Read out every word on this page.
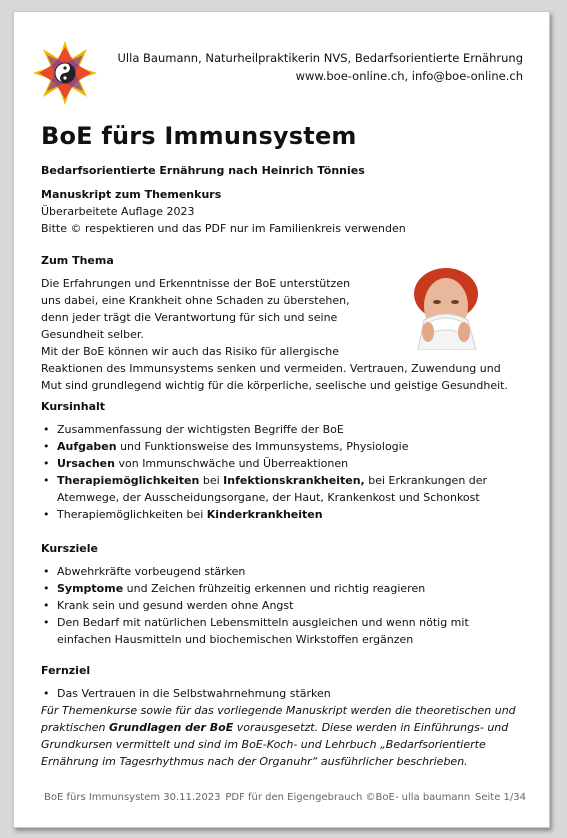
Ulla Baumann, Naturheilpraktikerin NVS, Bedarfsorientierte Ernährung
www.boe-online.ch, info@boe-online.ch
BoE fürs Immunsystem

Bedarfsorientierte Ernährung nach Heinrich Tönnies

Manuskript zum Themenkurs

Überarbeitete Auflage 2023

Bitte © respektieren und das PDF nur im Familienkreis verwenden

Zum Thema

Die Erfahrungen und Erkenntnisse der BoE unterstützen

uns dabei, eine Krankheit ohne Schaden zu überstehen,

denn jeder trägt die Verantwortung für sich und seine

Gesundheit selber.

Mit der BoE können wir auch das Risiko für allergische

Reaktionen des Immunsystems senken und vermeiden. Vertrauen, Zuwendung und Mut sind grundlegend wichtig für die körperliche, seelische und geistige Gesundheit.

Kursinhalt

• Zusammenfassung der wichtigsten Begriffe der BoE
• Aufgaben und Funktionsweise des Immunsystems, Physiologie
• Ursachen von Immunschwäche und Überreaktionen
• Therapiemöglichkeiten bei Infektionskrankheiten, bei Erkrankungen der Atemwege, der Ausscheidungsorgane, der Haut, Krankenkost und Schonkost
• Therapiemöglichkeiten bei Kinderkrankheiten

Kursziele

• Abwehrkräfte vorbeugend stärken
• Symptome und Zeichen frühzeitig erkennen und richtig reagieren
• Krank sein und gesund werden ohne Angst
• Den Bedarf mit natürlichen Lebensmitteln ausgleichen und wenn nötig mit einfachen Hausmitteln und biochemischen Wirkstoffen ergänzen

Fernziel

• Das Vertrauen in die Selbstwahrnehmung stärken

Für Themenkurse sowie für das vorliegende Manuskript werden die theoretischen und praktischen Grundlagen der BoE vorausgesetzt. Diese werden in Einführungs- und Grundkursen vermittelt und sind im BoE-Koch- und Lehrbuch „Bedarfsorientierte Ernährung im Tagesrhythmus nach der Organuhr“ ausführlicher beschrieben.

BoE fürs Immunsystem 30.11.2023 PDF für den Eigengebrauch ©BoE- ulla baumann Seite 1/34
